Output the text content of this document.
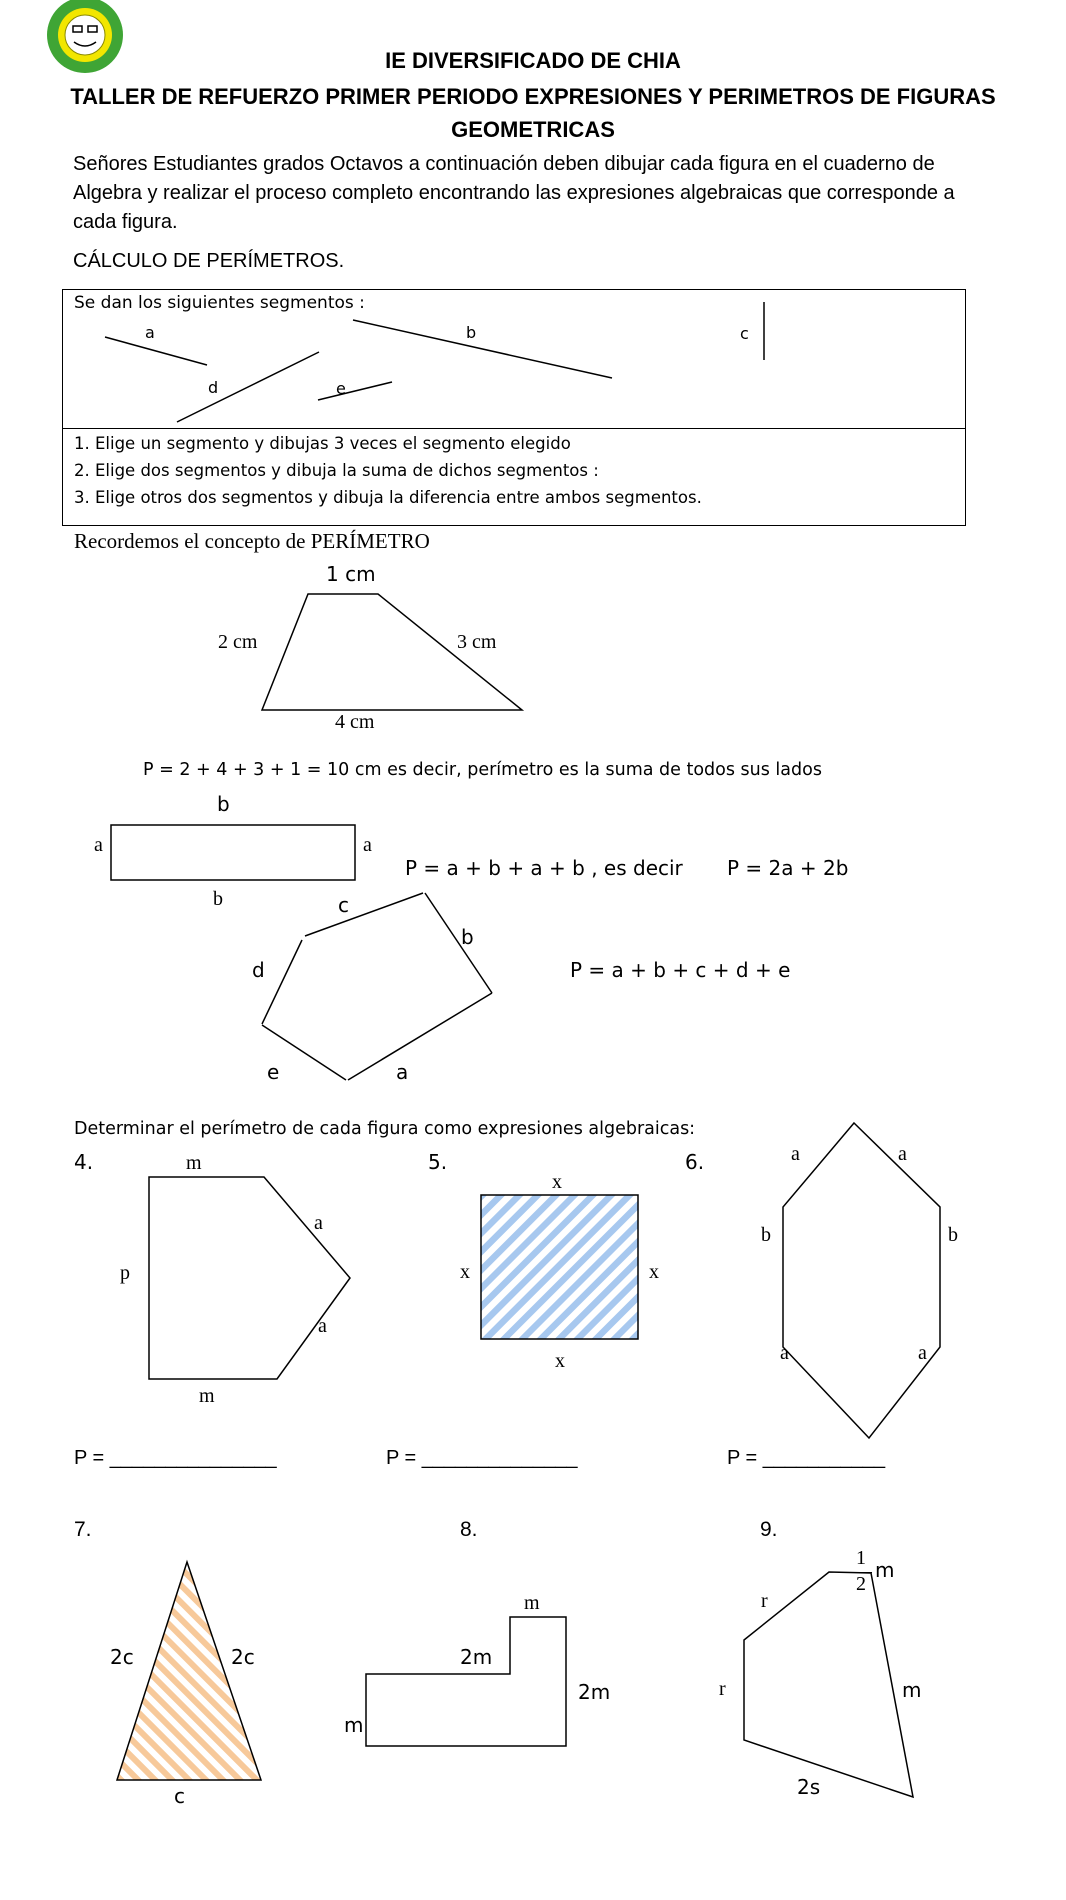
IE DIVERSIFICADO DE CHIA
TALLER DE REFUERZO PRIMER PERIODO EXPRESIONES Y PERIMETROS DE FIGURAS
GEOMETRICAS
Señores Estudiantes grados Octavos a continuación deben dibujar cada figura en el cuaderno de
Algebra y realizar el proceso completo encontrando las expresiones algebraicas que corresponde a
cada figura.
CÁLCULO DE PERÍMETROS.
Se dan los siguientes segmentos :
a	b	c
d	e
1. Elige un segmento y dibujas 3 veces el segmento elegido
2. Elige dos segmentos y dibuja la suma de dichos segmentos :
3. Elige otros dos segmentos y dibuja la diferencia entre ambos segmentos.
Recordemos el concepto de PERÍMETRO
1 cm
2 cm	3 cm
4 cm
P = 2 + 4 + 3 + 1 = 10 cm es decir, perímetro es la suma de todos sus lados
b
a	a
b
P = a + b + a + b , es decir P = 2a + 2b
c
b
d
e	a
P = a + b + c + d + e
Determinar el perímetro de cada figura como expresiones algebraicas:
4.	5.	6.
m
p
a
a
m
x
x	x
x
a	a
b	b
a	a
P = _______________	P = ______________	P = ___________
7.	8.	9.
2c	2c
c
m
2m
2m
m
1
2
m
r
r	m
2s
